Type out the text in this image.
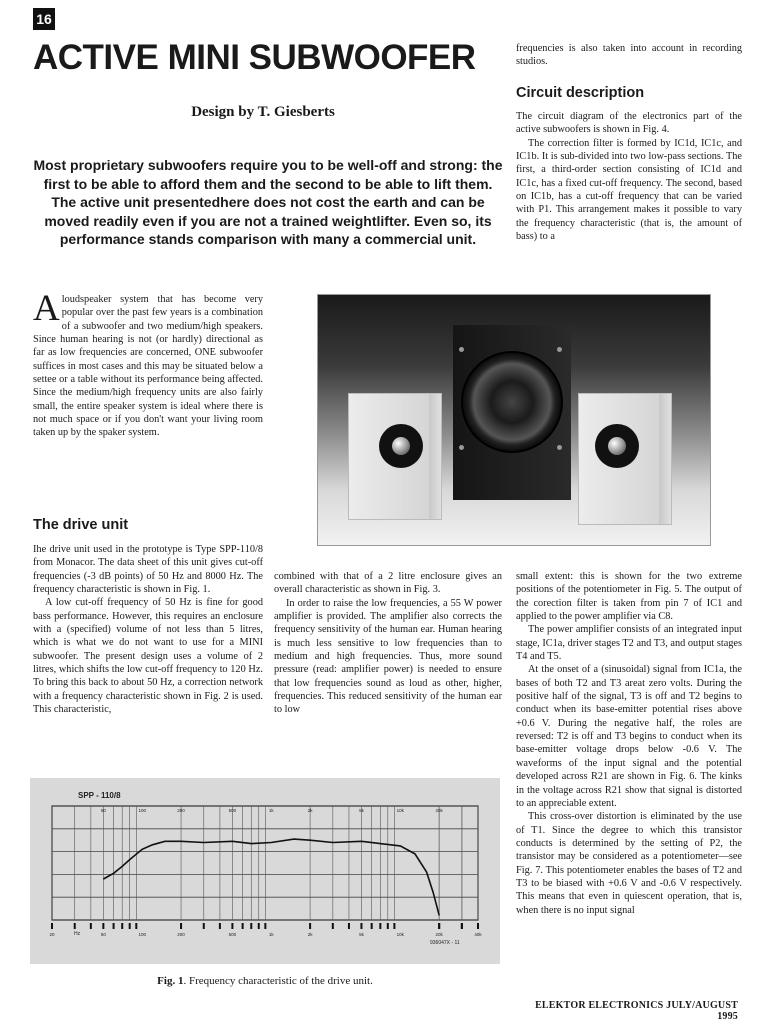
16
ACTIVE MINI SUBWOOFER
Design by T. Giesberts
Most proprietary subwoofers require you to be well-off and strong: the first to be able to afford them and the second to be able to lift them. The active unit presentedhere does not cost the earth and can be moved readily even if you are not a trained weightlifter. Even so, its performance stands comparison with many a commercial unit.

Aloudspeaker system that has become very popular over the past few years is a combination of a subwoofer and two medium/high speakers. Since human hearing is not (or hardly) directional as far as low frequencies are concerned, ONE subwoofer suffices in most cases and this may be situated below a settee or a table without its performance being affected. Since the medium/high frequency units are also fairly small, the entire speaker system is ideal where there is not much space or if you don't want your living room taken up by the spaker system.

The drive unit

Ihe drive unit used in the prototype is Type SPP-110/8 from Monacor. The data sheet of this unit gives cut-off frequencies (-3 dB points) of 50 Hz and 8000 Hz. The frequency characteristic is shown in Fig. 1.

A low cut-off frequency of 50 Hz is fine for good bass performance. However, this requires an enclosure with a (specified) volume of not less than 5 litres, which is what we do not want to use for a MINI subwoofer. The present design uses a volume of 2 litres, which shifts the low cut-off frequency to 120 Hz. To bring this back to about 50 Hz, a correction network with a frequency characteristic shown in Fig. 2 is used. This characteristic,

combined with that of a 2 litre enclosure gives an overall characteristic as shown in Fig. 3.

In order to raise the low frequencies, a 55 W power amplifier is provided. The amplifier also corrects the frequency sensitivity of the human ear. Human hearing is much less sensitive to low frequencies than to medium and high frequencies. Thus, more sound pressure (read: amplifier power) is needed to ensure that low frequencies sound as loud as other, higher, frequencies. This reduced sensitivity of the human ear to low

frequencies is also taken into account in recording studios.

Circuit description

The circuit diagram of the electronics part of the active subwoofers is shown in Fig. 4.

The correction filter is formed by IC1d, IC1c, and IC1b. It is sub-divided into two low-pass sections. The first, a third-order section consisting of IC1d and IC1c, has a fixed cut-off frequency. The second, based on IC1b, has a cut-off frequency that can be varied with P1. This arrangement makes it possible to vary the frequency characteristic (that is, the amount of bass) to a

small extent: this is shown for the two extreme positions of the potentiometer in Fig. 5. The output of the corection filter is taken from pin 7 of IC1 and applied to the power amplifier via C8.

The power amplifier consists of an integrated input stage, IC1a, driver stages T2 and T3, and output stages T4 and T5.

At the onset of a (sinusoidal) signal from IC1a, the bases of both T2 and T3 areat zero volts. During the positive half of the signal, T3 is off and T2 begins to conduct when its base-emitter potential rises above +0.6 V. During the negative half, the roles are reversed: T2 is off and T3 begins to conduct when its base-emitter voltage drops below -0.6 V. The waveforms of the input signal and the potential developed across R21 are shown in Fig. 6. The kinks in the voltage across R21 show that signal is distorted to an appreciable extent.

This cross-over distortion is eliminated by the use of T1. Since the degree to which this transistor conducts is determined by the setting of P2, the transistor may be considered as a potentiometer—see Fig. 7. This potentiometer enables the bases of T2 and T3 to be biased with +0.6 V and -0.6 V respectively. This means that even in quiescent operation, that is, when there is no input signal

SPP - 110/8
20	50
50
100
100
200
200
500
500
1k
1k
2k
2k
5k
5k
10k
10k
20k
20k
40k
Hz
936047X - 11
Fig. 1. Frequency characteristic of the drive unit.
ELEKTOR ELECTRONICS JULY/AUGUST 1995
